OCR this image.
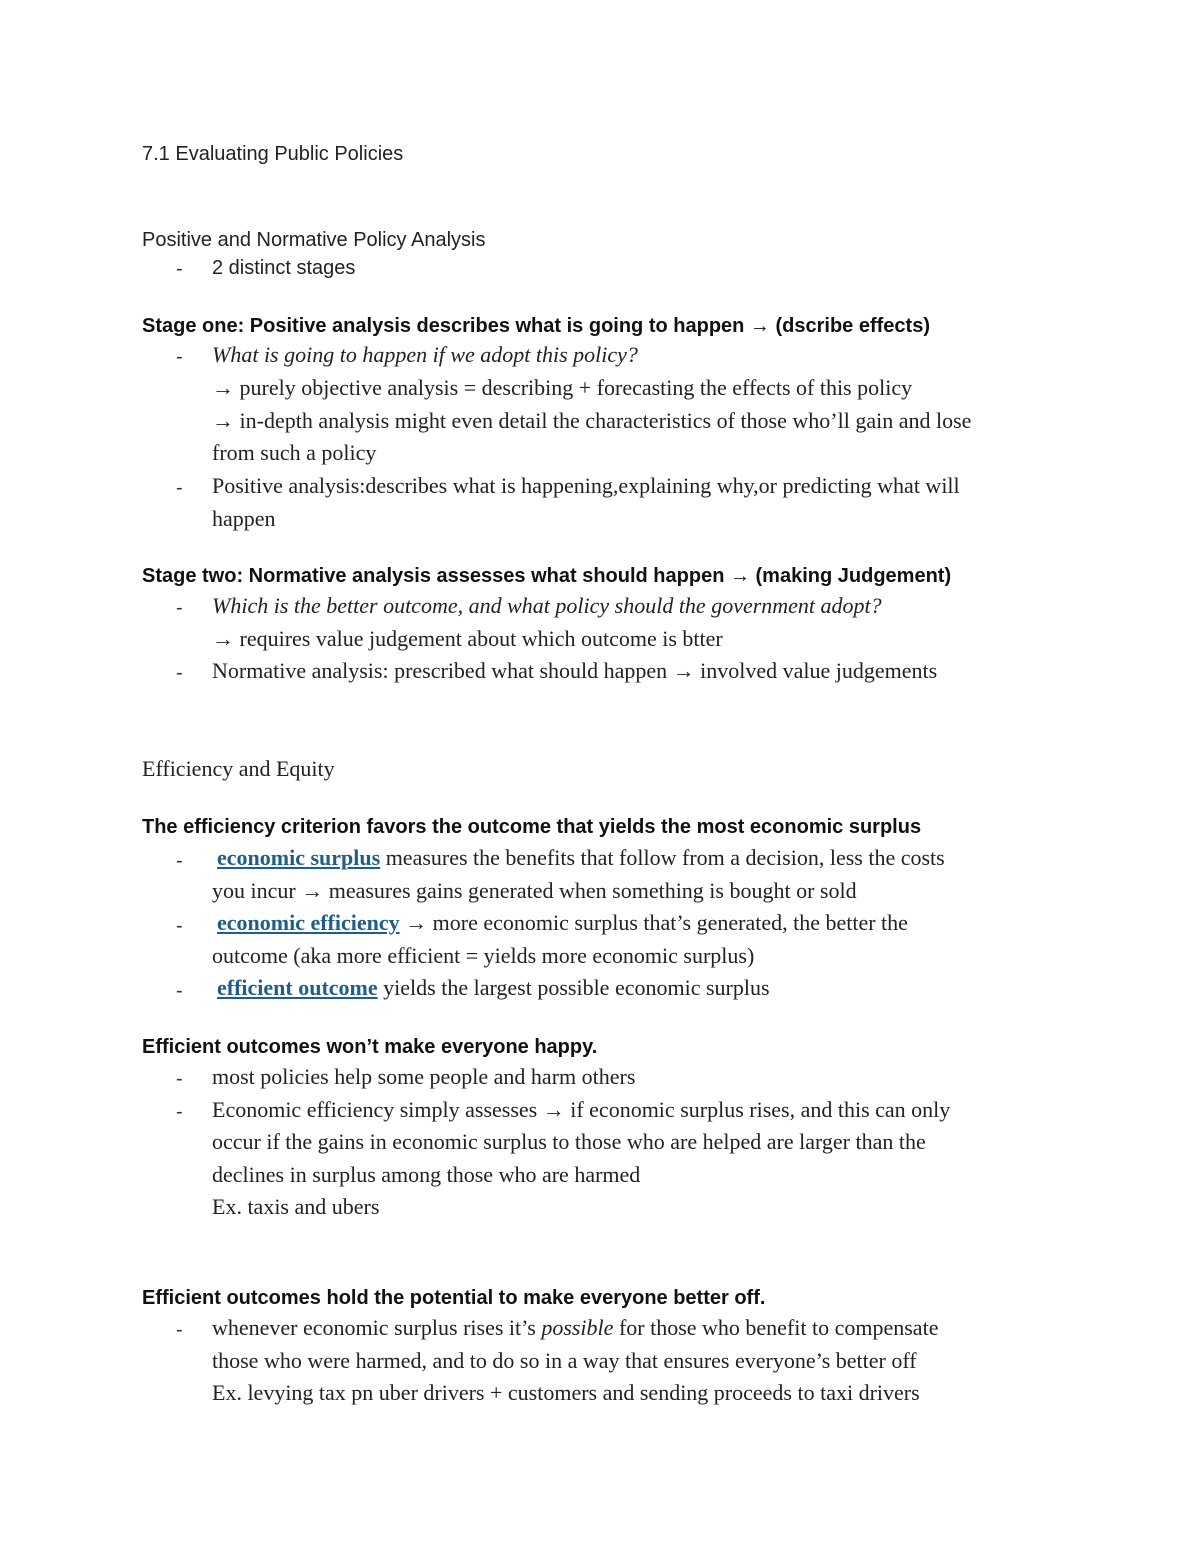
7.1 Evaluating Public Policies
Positive and Normative Policy Analysis
- 2 distinct stages
Stage one: Positive analysis describes what is going to happen → (dscribe effects)
- What is going to happen if we adopt this policy?
→ purely objective analysis = describing + forecasting the effects of this policy
→ in-depth analysis might even detail the characteristics of those who’ll gain and lose
from such a policy
- Positive analysis:describes what is happening,explaining why,or predicting what will
happen
Stage two: Normative analysis assesses what should happen → (making Judgement)
- Which is the better outcome, and what policy should the government adopt?
→ requires value judgement about which outcome is btter
- Normative analysis: prescribed what should happen → involved value judgements
Efficiency and Equity
The efficiency criterion favors the outcome that yields the most economic surplus
- economic surplus measures the benefits that follow from a decision, less the costs
you incur → measures gains generated when something is bought or sold
- economic efficiency → more economic surplus that’s generated, the better the
outcome (aka more efficient = yields more economic surplus)
- efficient outcome yields the largest possible economic surplus
Efficient outcomes won’t make everyone happy.
- most policies help some people and harm others
- Economic efficiency simply assesses → if economic surplus rises, and this can only
occur if the gains in economic surplus to those who are helped are larger than the
declines in surplus among those who are harmed
Ex. taxis and ubers
Efficient outcomes hold the potential to make everyone better off.
- whenever economic surplus rises it’s possible for those who benefit to compensate
those who were harmed, and to do so in a way that ensures everyone’s better off
Ex. levying tax pn uber drivers + customers and sending proceeds to taxi drivers
